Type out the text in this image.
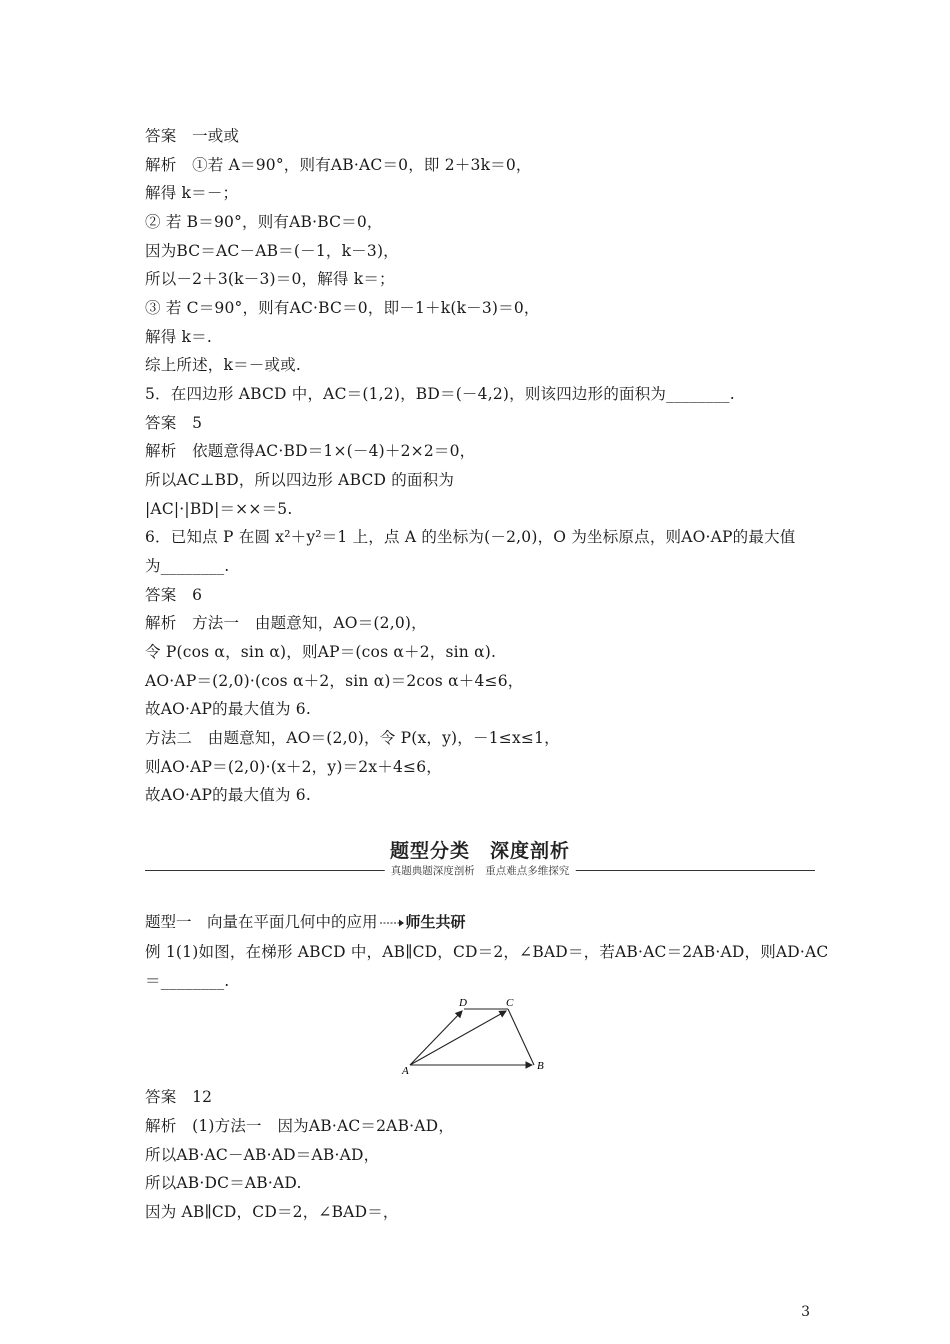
答案　一或或
解析　①若 A＝90°，则有AB·AC＝0，即 2＋3k＝0，
解得 k＝－；
② 若 B＝90°，则有AB·BC＝0，
因为BC＝AC－AB＝(－1，k－3)，
所以－2＋3(k－3)＝0，解得 k＝；
③ 若 C＝90°，则有AC·BC＝0，即－1＋k(k－3)＝0，
解得 k＝.
综上所述，k＝－或或.
5．在四边形 ABCD 中，AC＝(1,2)，BD＝(－4,2)，则该四边形的面积为________.
答案　5
解析　依题意得AC·BD＝1×(－4)＋2×2＝0，
所以AC⊥BD，所以四边形 ABCD 的面积为
|AC|·|BD|＝××＝5.
6．已知点 P 在圆 x²＋y²＝1 上，点 A 的坐标为(－2,0)，O 为坐标原点，则AO·AP的最大值
为________.
答案　6
解析　方法一　由题意知，AO＝(2,0)，
令 P(cos α，sin α)，则AP＝(cos α＋2，sin α).
AO·AP＝(2,0)·(cos α＋2，sin α)＝2cos α＋4≤6，
故AO·AP的最大值为 6.
方法二　由题意知，AO＝(2,0)，令 P(x，y)，－1≤x≤1，
则AO·AP＝(2,0)·(x＋2，y)＝2x＋4≤6，
故AO·AP的最大值为 6.
题型分类　深度剖析
真题典题深度剖析　重点难点多维探究
题型一　向量在平面几何中的应用 师生共研
例 1(1)如图，在梯形 ABCD 中，AB∥CD，CD＝2，∠BAD＝，若AB·AC＝2AB·AD，则AD·AC
＝________.
A	B
C
D
答案　12
解析　(1)方法一　因为AB·AC＝2AB·AD，
所以AB·AC－AB·AD＝AB·AD，
所以AB·DC＝AB·AD.
因为 AB∥CD，CD＝2，∠BAD＝，
3
